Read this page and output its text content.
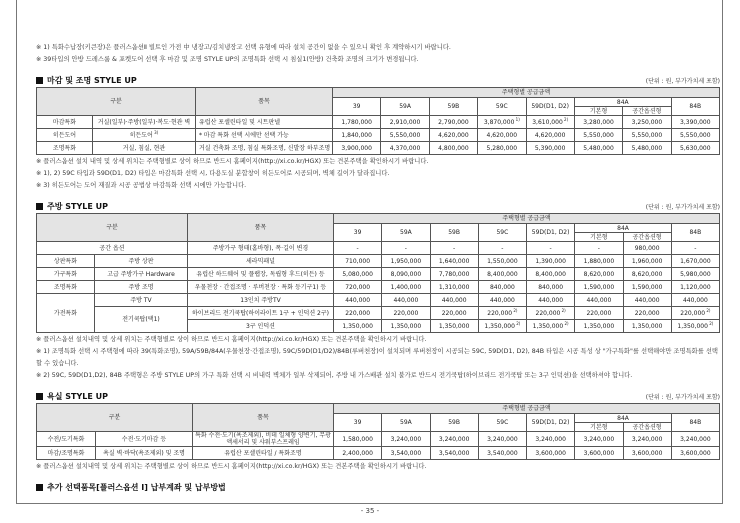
※ 1) 특화수납장(키큰장)은 플러스옵션Ⅱ 빌트인 가전 中 냉장고/김치냉장고 선택 유형에 따라 설치 공간이 없을 수 있으니 확인 후 계약하시기 바랍니다.

※ 39타입의 안방 드레스룸 & 포켓도어 선택 후 마감 및 조명 STYLE UP의 조명특화 선택 시 침실1(안방) 건축화 조명의 크기가 변경됩니다.

마감 및 조명 STYLE UP	(단위 : 원, 부가가치세 포함)
구분		품목	주택형별 공급금액							
			39	59A	59B	59C	59D(D1, D2)	84A		84B
								기본형	공간옵션형	
마감특화	거실(일부)·주방(일부)·복도·현관 벽	유럽산 포셀린타일 및 시트판넬	1,780,000	2,910,000	2,790,000	3,870,000 $^{1)}$	3,610,000 $^{2)}$	3,280,000	3,250,000	3,390,000
히든도어	히든도어 $^{3)}$	* 마감 특화 선택 시에만 선택 가능	1,840,000	5,550,000	4,620,000	4,620,000	4,620,000	5,550,000	5,550,000	5,550,000
조명특화	거실, 침실, 현관	거실 건축화 조명, 침실 특화조명, 신발장 하부조명	3,900,000	4,370,000	4,800,000	5,280,000	5,390,000	5,480,000	5,480,000	5,630,000

※ 플러스옵션 설치 내역 및 상세 위치는 주택형별로 상이 하므로 반드시 홈페이지(http://xi.co.kr/HGX) 또는 견본주택을 확인하시기 바랍니다.

※ 1), 2) 59C 타입과 59D(D1, D2) 타입은 마감특화 선택 시, 다용도실 분합창이 히든도어로 시공되며, 벽체 길이가 달라집니다.

※ 3) 히든도어는 도어 재질과 시공 공법상 마감특화 선택 시에만 가능합니다.

주방 STYLE UP	(단위 : 원, 부가가치세 포함)
구분		품목	주택형별 공급금액							
			39	59A	59B	59C	59D(D1, D2)	84A		84B
								기본형	공간옵션형	
공간 옵션		주방가구 형태(홈바형), 폭·길이 변경	-	-	-	-	-	-	980,000	-
상판특화	주방 상판	세라믹패널	710,000	1,950,000	1,640,000	1,550,000	1,390,000	1,880,000	1,960,000	1,670,000
가구특화	고급 주방가구 Hardware	유럽산 하드웨어 및 플랩장, 독립형 후드(히든) 등	5,080,000	8,090,000	7,780,000	8,400,000	8,400,000	8,620,000	8,620,000	5,980,000
조명특화	주방 조명	우물천장 · 간접조명 · 루버천장 · 특화 등기구1) 등	720,000	1,400,000	1,310,000	840,000	840,000	1,590,000	1,590,000	1,120,000
가전특화	주방 TV	13인치 주방TV	440,000	440,000	440,000	440,000	440,000	440,000	440,000	440,000
	전기쿡탑(택1)	하이브리드 전기쿡탑(하이라이트 1구 + 인덕션 2구)	220,000	220,000	220,000	220,000 $^{2)}$	220,000 $^{2)}$	220,000	220,000	220,000 $^{2)}$
		3구 인덕션	1,350,000	1,350,000	1,350,000	1,350,000 $^{2)}$	1,350,000 $^{2)}$	1,350,000	1,350,000	1,350,000 $^{2)}$

※ 플러스옵션 설치내역 및 상세 위치는 주택형별로 상이 하므로 반드시 홈페이지(http://xi.co.kr/HGX) 또는 견본주택을 확인하시기 바랍니다.

※ 1) 조명특화 선택 시 주택형에 따라 39(특화조명), 59A/59B/84A(우물천장·간접조명), 59C/59D(D1/D2)/84B(루버천장)이 설치되며 루버천장이 시공되는 59C, 59D(D1, D2), 84B 타입은 시공 특성 상 "가구특화"를 선택해야만 조명특화를 선택할 수 있습니다.

※ 2) 59C, 59D(D1,D2), 84B 주택형은 주방 STYLE UP의 가구 특화 선택 시 비내력 벽체가 일부 삭제되어, 주방 내 가스배관 설치 불가로 반드시 전기쿡탑(하이브리드 전기쿡탑 또는 3구 인덕션)을 선택하셔야 합니다.

욕실 STYLE UP	(단위 : 원, 부가가치세 포함)
구분		품목	주택형별 공급금액							
			39	59A	59B	59C	59D(D1, D2)	84A		84B
								기본형	공간옵션형	
수전/도기특화	수전·도기마감 등	특화 수전·도기(욕조제외), 비데 일체형 양변기, 무광 액세서리 및 샤워부스프레임	1,580,000	3,240,000	3,240,000	3,240,000	3,240,000	3,240,000	3,240,000	3,240,000
마감/조명특화	욕실 벽·바닥(욕조제외) 및 조명	유럽산 포셀린타일 / 특화조명	2,400,000	3,540,000	3,540,000	3,540,000	3,600,000	3,600,000	3,600,000	3,600,000

※ 플러스옵션 설치내역 및 상세 위치는 주택형별로 상이 하므로 반드시 홈페이지(http://xi.co.kr/HGX) 또는 견본주택을 확인하시기 바랍니다.

추가 선택품목[플러스옵션 Ⅰ] 납부계좌 및 납부방법
- 35 -
